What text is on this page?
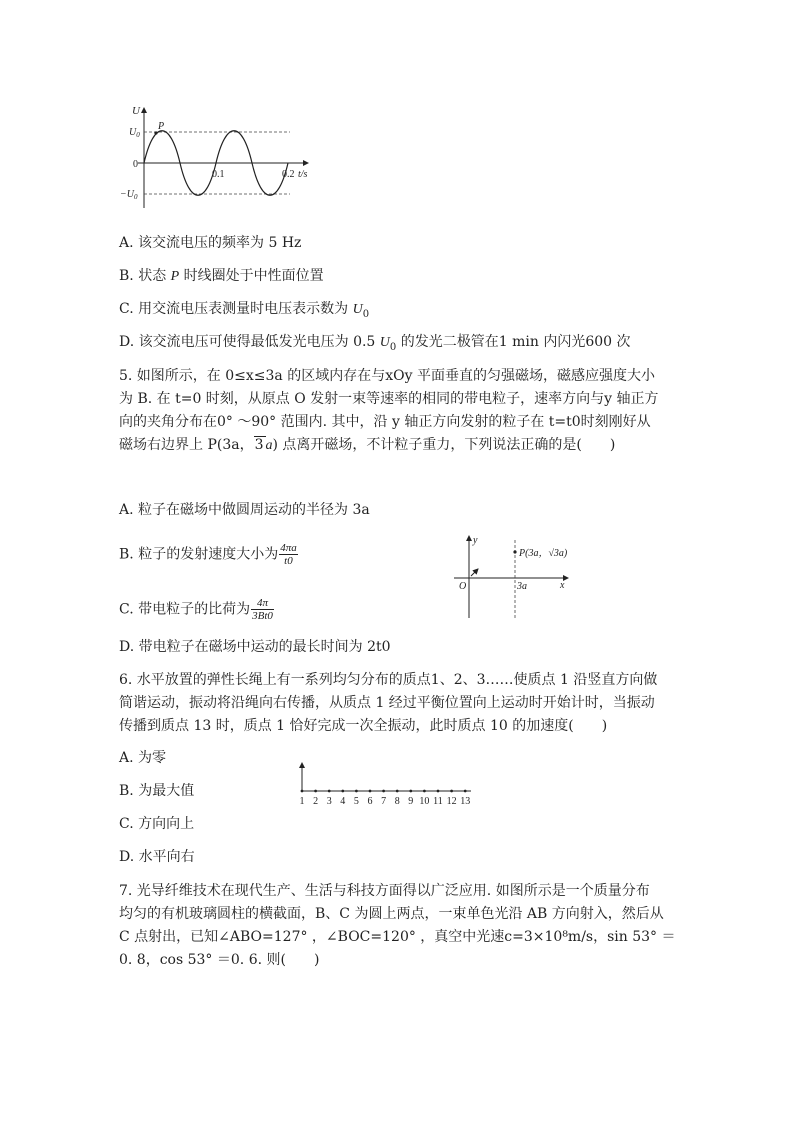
U
$U_0$
0
$-U_0$
P
0.1	0.2 t/s
A. 该交流电压的频率为 5 Hz
B. 状态 P 时线圈处于中性面位置
C. 用交流电压表测量时电压表示数为 $U_0$
D. 该交流电压可使得最低发光电压为 0.5 $U_0$ 的发光二极管在1 min 内闪光600 次
5. 如图所示，在 0≤x≤3a 的区域内存在与xOy 平面垂直的匀强磁场，磁感应强度大小
为 B. 在 t=0 时刻，从原点 O 发射一束等速率的相同的带电粒子，速率方向与y 轴正方
向的夹角分布在0° ～90° 范围内. 其中，沿 y 轴正方向发射的粒子在 t=t0时刻刚好从
磁场右边界上 P(3a，3 a) 点离开磁场，不计粒子重力，下列说法正确的是(　　)
A. 粒子在磁场中做圆周运动的半径为 3a
B. 粒子的发射速度大小为 $\frac{4\pi a}{t0}$
C. 带电粒子的比荷为 $\frac{4\pi}{3Bt0}$
D. 带电粒子在磁场中运动的最长时间为 2t0
y
x
O	3a
P(3a，√3a)
6. 水平放置的弹性长绳上有一系列均匀分布的质点1、2、3……使质点 1 沿竖直方向做
简谐运动，振动将沿绳向右传播，从质点 1 经过平衡位置向上运动时开始计时，当振动
传播到质点 13 时，质点 1 恰好完成一次全振动，此时质点 10 的加速度(　　)
A. 为零
B. 为最大值
C. 方向向上
D. 水平向右
1 2 3 4 5 6 7 8 9 10 11 12 13
7. 光导纤维技术在现代生产、生活与科技方面得以广泛应用. 如图所示是一个质量分布
均匀的有机玻璃圆柱的横截面，B、C 为圆上两点，一束单色光沿 AB 方向射入，然后从
C 点射出，已知∠ABO=127° ，∠BOC=120° ，真空中光速c=3×10⁸m/s，sin 53° ＝
0. 8，cos 53° ＝0. 6. 则(　　)
